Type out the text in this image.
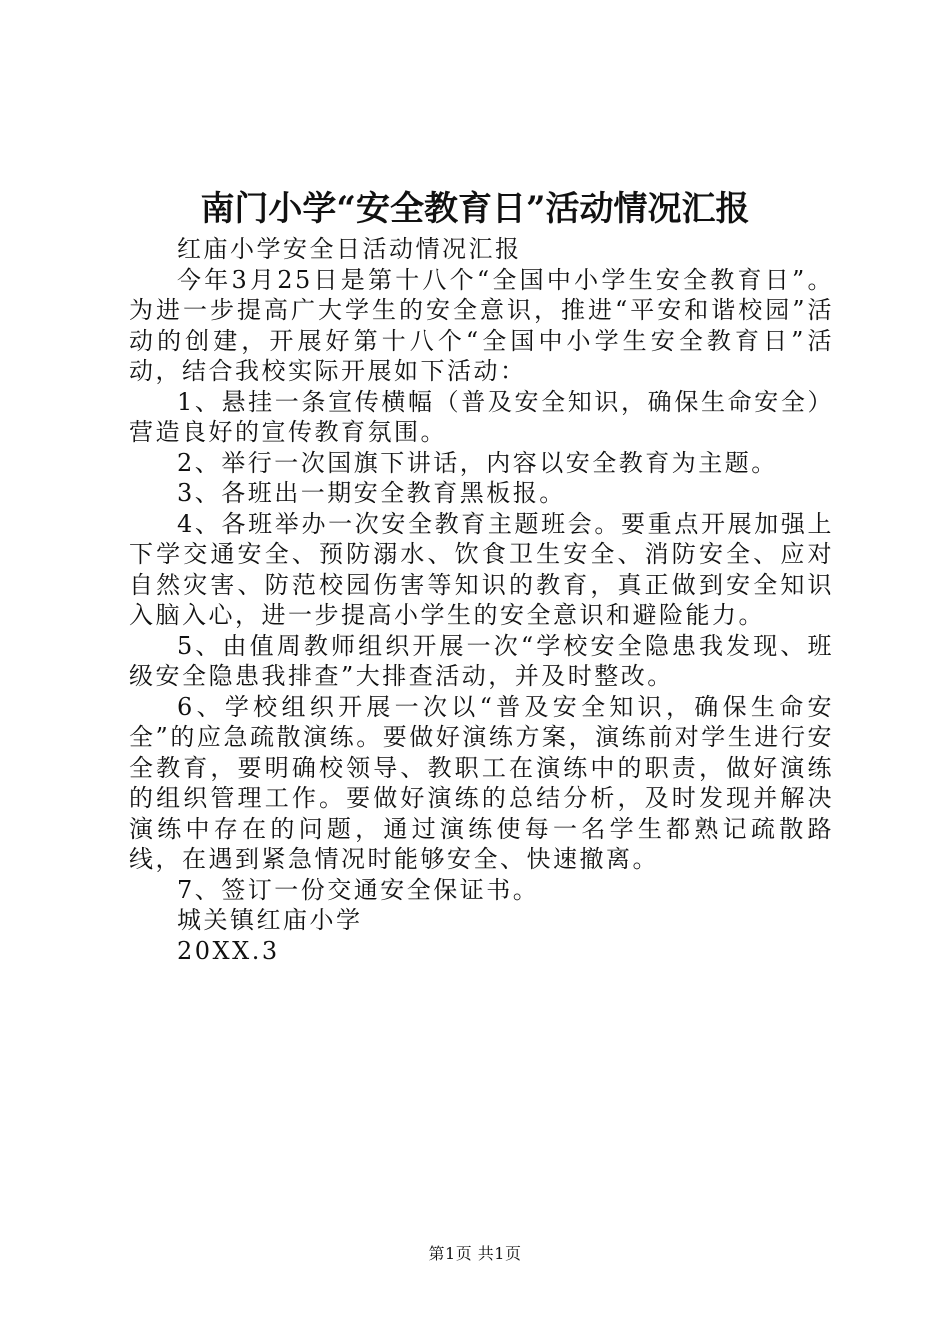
南门小学“安全教育日”活动情况汇报

红庙小学安全日活动情况汇报

今年3月25日是第十八个“全国中小学生安全教育日”。为进一步提高广大学生的安全意识，推进“平安和谐校园”活动的创建，开展好第十八个“全国中小学生安全教育日”活动，结合我校实际开展如下活动：

1、悬挂一条宣传横幅（普及安全知识，确保生命安全）营造良好的宣传教育氛围。

2、举行一次国旗下讲话，内容以安全教育为主题。

3、各班出一期安全教育黑板报。

4、各班举办一次安全教育主题班会。要重点开展加强上下学交通安全、预防溺水、饮食卫生安全、消防安全、应对自然灾害、防范校园伤害等知识的教育，真正做到安全知识入脑入心，进一步提高小学生的安全意识和避险能力。

5、由值周教师组织开展一次“学校安全隐患我发现、班级安全隐患我排查”大排查活动，并及时整改。

6、学校组织开展一次以“普及安全知识，确保生命安全”的应急疏散演练。要做好演练方案，演练前对学生进行安全教育，要明确校领导、教职工在演练中的职责，做好演练的组织管理工作。要做好演练的总结分析，及时发现并解决演练中存在的问题，通过演练使每一名学生都熟记疏散路线，在遇到紧急情况时能够安全、快速撤离。

7、签订一份交通安全保证书。

城关镇红庙小学

20XX.3

第1页 共1页
